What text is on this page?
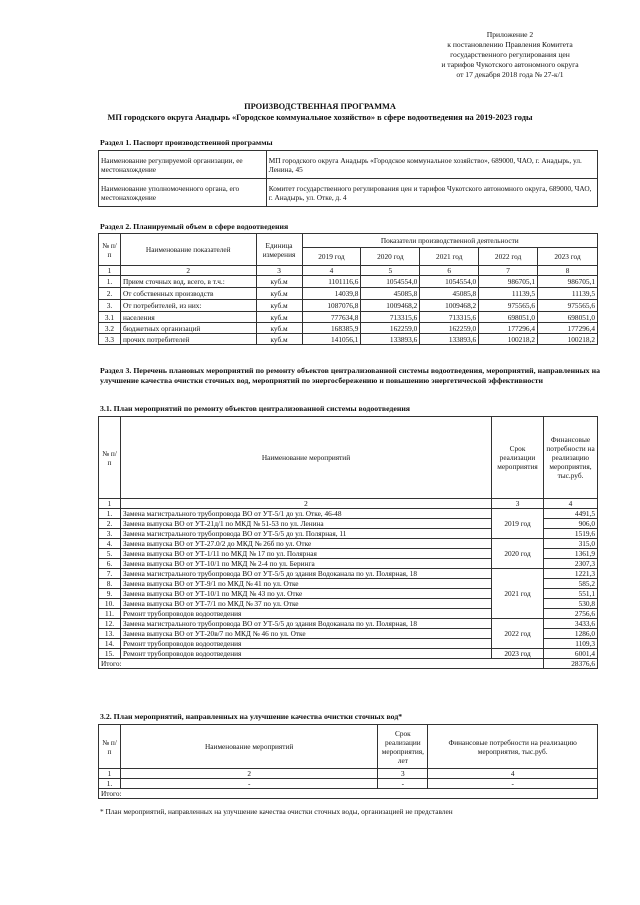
Приложение 2
к постановлению Правления Комитета
государственного регулирования цен
и тарифов Чукотского автономного округа
от 17 декабря 2018 года № 27-к/1
ПРОИЗВОДСТВЕННАЯ ПРОГРАММА
МП городского округа Анадырь «Городское коммунальное хозяйство» в сфере водоотведения на 2019-2023 годы
Раздел 1. Паспорт производственной программы
Наименование регулируемой организации, ее местонахождение	МП городского округа Анадырь «Городское коммунальное хозяйство», 689000, ЧАО, г. Анадырь, ул. Ленина, 45
Наименование уполномоченного органа, его местонахождение	Комитет государственного регулирования цен и тарифов Чукотского автономного округа, 689000, ЧАО, г. Анадырь, ул. Отке, д. 4
Раздел 2. Планируемый объем в сфере водоотведения
№ п/п	Наименование показателей	Единица измерения	Показатели производственной деятельности				
			2019 год	2020 год	2021 год	2022 год	2023 год
1	2	3	4	5	6	7	8
1.	Прием сточных вод, всего, в т.ч.:	куб.м	1101116,6	1054554,0	1054554,0	986705,1	986705,1
2.	От собственных производств	куб.м	14039,8	45085,8	45085,8	11139,5	11139,5
3.	От потребителей, из них:	куб.м	1087076,8	1009468,2	1009468,2	975565,6	975565,6
3.1	населения	куб.м	777634,8	713315,6	713315,6	698051,0	698051,0
3.2	бюджетных организаций	куб.м	168385,9	162259,0	162259,0	177296,4	177296,4
3.3	прочих потребителей	куб.м	141056,1	133893,6	133893,6	100218,2	100218,2
Раздел 3. Перечень плановых мероприятий по ремонту объектов централизованной системы водоотведения, мероприятий, направленных на улучшение качества очистки сточных вод, мероприятий по энергосбережению и повышению энергетической эффективности
3.1. План мероприятий по ремонту объектов централизованной системы водоотведения
№ п/п	Наименование мероприятий	Срок реализации мероприятия	Финансовые потребности на реализацию мероприятия, тыс.руб.
1	2	3	4
1.	Замена магистрального трубопровода ВО от УТ-5/1 до ул. Отке, 46-48	2019 год	4491,5
2.	Замена выпуска ВО от УТ-21д/1 по МКД № 51-53 по ул. Ленина		906,0
3.	Замена магистрального трубопровода ВО от УТ-5/5 до ул. Полярная, 11		1519,6
4.	Замена выпуска ВО от УТ-27.0/2 до МКД № 26б по ул. Отке	2020 год	315,0
5.	Замена выпуска ВО от УТ-1/11 по МКД № 17 по ул. Полярная		1361,9
6.	Замена выпуска ВО от УТ-10/1 по МКД № 2-4 по ул. Беринга		2307,3
7.	Замена магистрального трубопровода ВО от УТ-5/5 до здания Водоканала по ул. Полярная, 18	2021 год	1221,3
8.	Замена выпуска ВО от УТ-9/1 по МКД № 41 по ул. Отке		585,2
9.	Замена выпуска ВО от УТ-10/1 по МКД № 43 по ул. Отке		551,1
10.	Замена выпуска ВО от УТ-7/1 по МКД № 37 по ул. Отке		530,8
11.	Ремонт трубопроводов водоотведения		2756,6
12.	Замена магистрального трубопровода ВО от УТ-5/5 до здания Водоканала по ул. Полярная, 18	2022 год	3433,6
13.	Замена выпуска ВО от УТ-20в/7 по МКД № 46 по ул. Отке		1286,0
14.	Ремонт трубопроводов водоотведения		1109,3
15.	Ремонт трубопроводов водоотведения	2023 год	6001,4
Итого:			28376,6
3.2. План мероприятий, направленных на улучшение качества очистки сточных вод*
№ п/п	Наименование мероприятий	Срок реализации мероприятия, лет	Финансовые потребности на реализацию мероприятия, тыс.руб.
1	2	3	4
1.	-	-	-
Итого:			
* План мероприятий, направленных на улучшение качества очистки сточных воды, организацией не представлен
